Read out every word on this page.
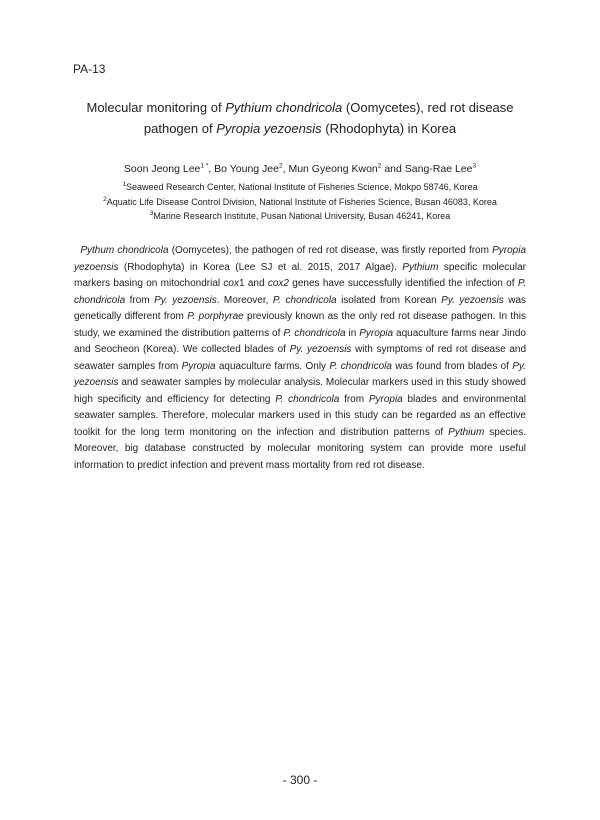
PA-13
Molecular monitoring of Pythium chondricola (Oomycetes), red rot disease
pathogen of Pyropia yezoensis (Rhodophyta) in Korea
Soon Jeong Lee$^{1 *}$, Bo Young Jee$^2$, Mun Gyeong Kwon$^2$ and Sang-Rae Lee$^3$
$^1$Seaweed Research Center, National Institute of Fisheries Science, Mokpo 58746, Korea
$^2$Aquatic Life Disease Control Division, National Institute of Fisheries Science, Busan 46083, Korea
$^3$Marine Research Institute, Pusan National University, Busan 46241, Korea

Pythum chondricola (Oomycetes), the pathogen of red rot disease, was firstly reported from Pyropia yezoensis (Rhodophyta) in Korea (Lee SJ et al. 2015, 2017 Algae). Pythium specific molecular markers basing on mitochondrial cox1 and cox2 genes have successfully identified the infection of P. chondricola from Py. yezoensis. Moreover, P. chondricola isolated from Korean Py. yezoensis was genetically different from P. porphyrae previously known as the only red rot disease pathogen. In this study, we examined the distribution patterns of P. chondricola in Pyropia aquaculture farms near Jindo and Seocheon (Korea). We collected blades of Py. yezoensis with symptoms of red rot disease and seawater samples from Pyropia aquaculture farms. Only P. chondricola was found from blades of Py. yezoensis and seawater samples by molecular analysis. Molecular markers used in this study showed high specificity and efficiency for detecting P. chondricola from Pyropia blades and environmental seawater samples. Therefore, molecular markers used in this study can be regarded as an effective toolkit for the long term monitoring on the infection and distribution patterns of Pythium species. Moreover, big database constructed by molecular monitoring system can provide more useful information to predict infection and prevent mass mortality from red rot disease.

- 300 -
